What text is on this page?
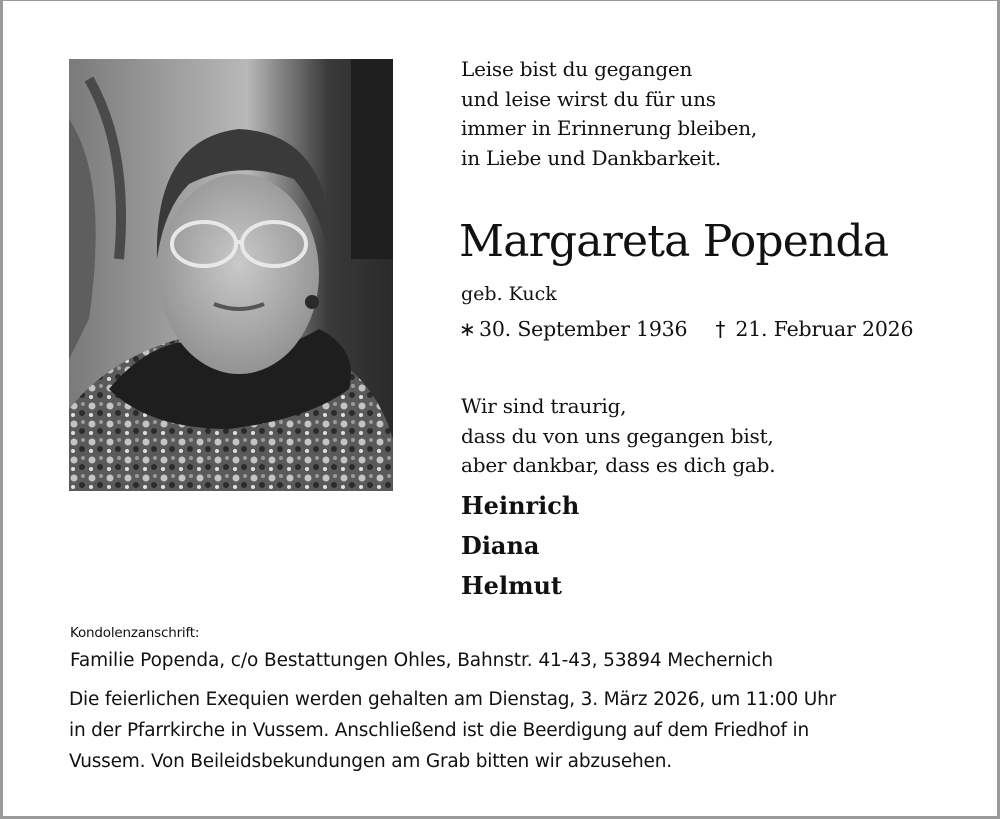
Leise bist du gegangen
und leise wirst du für uns
immer in Erinnerung bleiben,
in Liebe und Dankbarkeit.
Margareta Popenda
geb. Kuck
∗ 30. September 1936 † 21. Februar 2026
Wir sind traurig,
dass du von uns gegangen bist,
aber dankbar, dass es dich gab.
Heinrich
Diana
Helmut
Kondolenzanschrift:
Familie Popenda, c/o Bestattungen Ohles, Bahnstr. 41-43, 53894 Mechernich
Die feierlichen Exequien werden gehalten am Dienstag, 3. März 2026, um 11:00 Uhr
in der Pfarrkirche in Vussem. Anschließend ist die Beerdigung auf dem Friedhof in
Vussem. Von Beileidsbekundungen am Grab bitten wir abzusehen.
